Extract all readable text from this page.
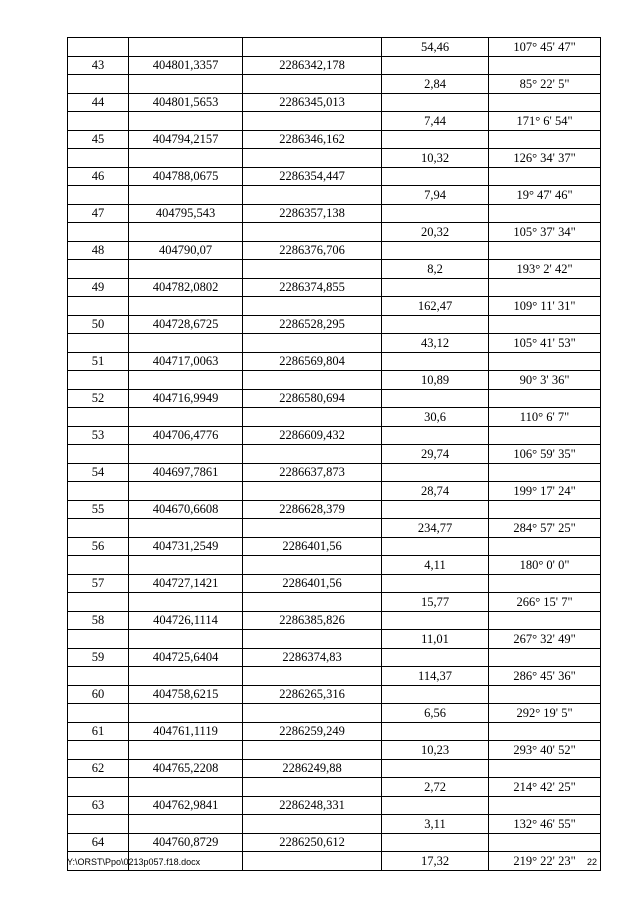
			54,46	107° 45' 47"
43	404801,3357	2286342,178		
			2,84	85° 22' 5"
44	404801,5653	2286345,013		
			7,44	171° 6' 54"
45	404794,2157	2286346,162		
			10,32	126° 34' 37"
46	404788,0675	2286354,447		
			7,94	19° 47' 46"
47	404795,543	2286357,138		
			20,32	105° 37' 34"
48	404790,07	2286376,706		
			8,2	193° 2' 42"
49	404782,0802	2286374,855		
			162,47	109° 11' 31"
50	404728,6725	2286528,295		
			43,12	105° 41' 53"
51	404717,0063	2286569,804		
			10,89	90° 3' 36"
52	404716,9949	2286580,694		
			30,6	110° 6' 7"
53	404706,4776	2286609,432		
			29,74	106° 59' 35"
54	404697,7861	2286637,873		
			28,74	199° 17' 24"
55	404670,6608	2286628,379		
			234,77	284° 57' 25"
56	404731,2549	2286401,56		
			4,11	180° 0' 0"
57	404727,1421	2286401,56		
			15,77	266° 15' 7"
58	404726,1114	2286385,826		
			11,01	267° 32' 49"
59	404725,6404	2286374,83		
			114,37	286° 45' 36"
60	404758,6215	2286265,316		
			6,56	292° 19' 5"
61	404761,1119	2286259,249		
			10,23	293° 40' 52"
62	404765,2208	2286249,88		
			2,72	214° 42' 25"
63	404762,9841	2286248,331		
			3,11	132° 46' 55"
64	404760,8729	2286250,612		
			17,32	219° 22' 23"
Y:\ORST\Ppo\0213p057.f18.docx	22
